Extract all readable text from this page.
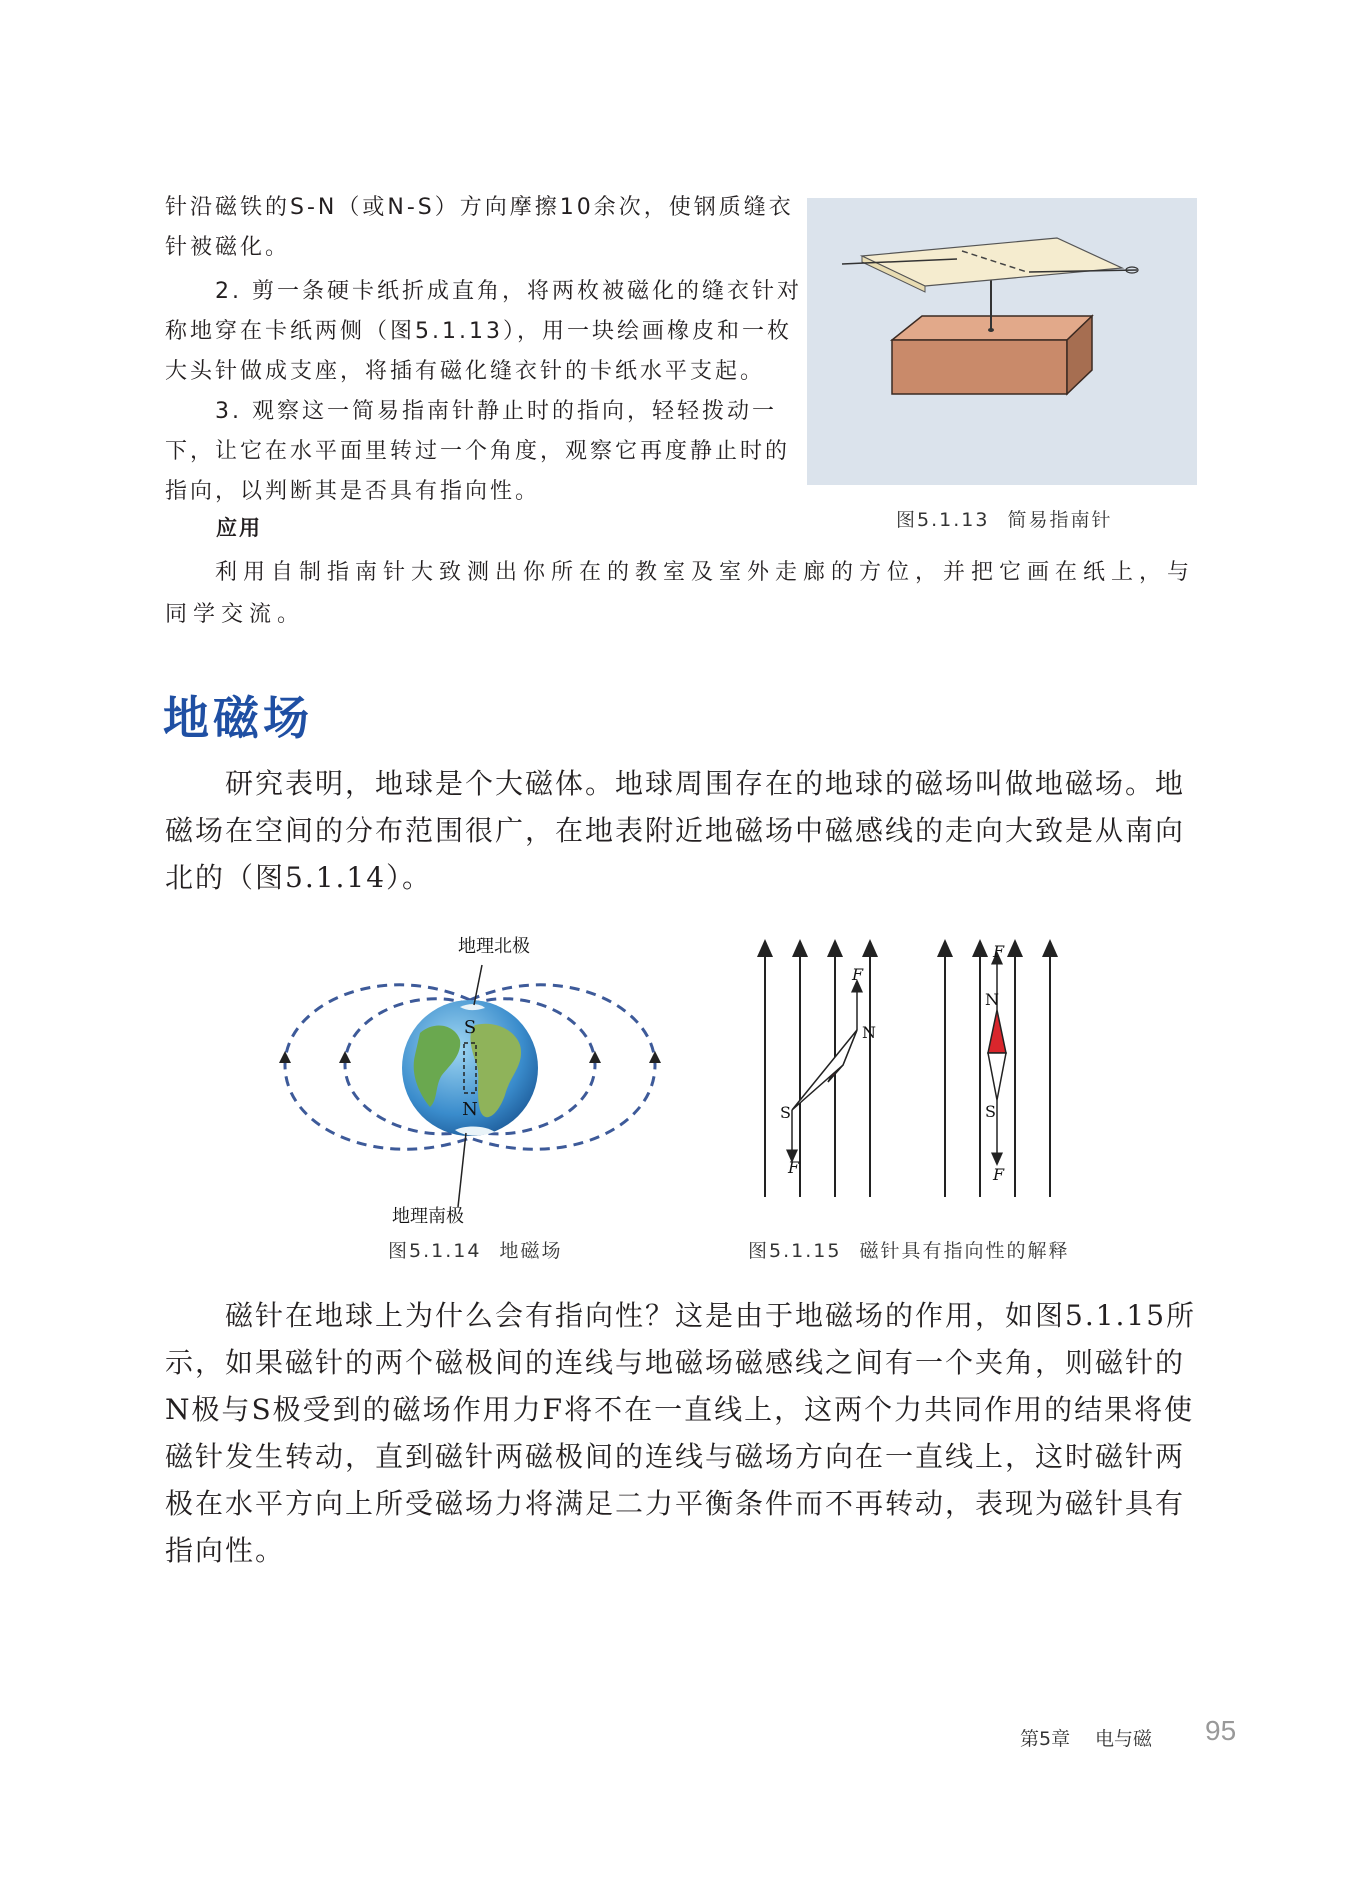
针沿磁铁的S-N（或N-S）方向摩擦10余次，使钢质缝衣针被磁化。

2. 剪一条硬卡纸折成直角，将两枚被磁化的缝衣针对称地穿在卡纸两侧（图5.1.13），用一块绘画橡皮和一枚大头针做成支座，将插有磁化缝衣针的卡纸水平支起。

3. 观察这一简易指南针静止时的指向，轻轻拨动一下，让它在水平面里转过一个角度，观察它再度静止时的指向，以判断其是否具有指向性。

图5.1.13 简易指南针

应用

利用自制指南针大致测出你所在的教室及室外走廊的方位，并把它画在纸上，与同学交流。

地磁场

研究表明，地球是个大磁体。地球周围存在的地球的磁场叫做地磁场。地磁场在空间的分布范围很广，在地表附近地磁场中磁感线的走向大致是从南向北的（图5.1.14）。

S
N
地理北极
地理南极
图5.1.14 地磁场
N
S
F
F
N
S
F
F
图5.1.15 磁针具有指向性的解释

磁针在地球上为什么会有指向性？这是由于地磁场的作用，如图5.1.15所示，如果磁针的两个磁极间的连线与地磁场磁感线之间有一个夹角，则磁针的N极与S极受到的磁场作用力F将不在一直线上，这两个力共同作用的结果将使磁针发生转动，直到磁针两磁极间的连线与磁场方向在一直线上，这时磁针两极在水平方向上所受磁场力将满足二力平衡条件而不再转动，表现为磁针具有指向性。

第5章 电与磁 95
